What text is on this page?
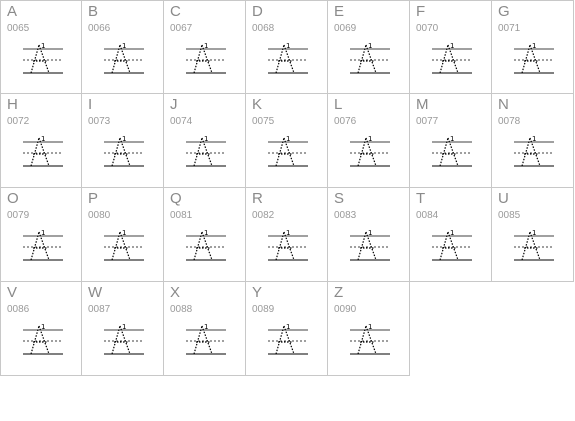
A
0065
1
B
0066
1
C
0067
1
D
0068
1
E
0069
1
F
0070
1
G
0071
1
H
0072
1
I
0073
1
J
0074
1
K
0075
1
L
0076
1
M
0077
1
N
0078
1
O
0079
1
P
0080
1
Q
0081
1
R
0082
1
S
0083
1
T
0084
1
U
0085
1
V
0086
1
W
0087
1
X
0088
1
Y
0089
1
Z
0090
1
